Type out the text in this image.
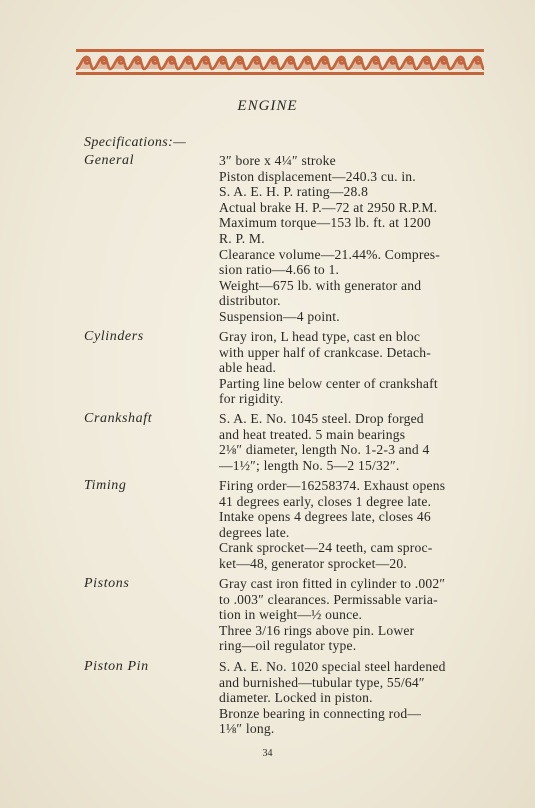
ENGINE
Specifications:—
General	3″ bore x 4¼″ stroke
Piston displacement—240.3 cu. in.
S. A. E. H. P. rating—28.8
Actual brake H. P.—72 at 2950 R.P.M.
Maximum torque—153 lb. ft. at 1200
R. P. M.
Clearance volume—21.44%. Compres-
sion ratio—4.66 to 1.
Weight—675 lb. with generator and
distributor.
Suspension—4 point.
Cylinders	Gray iron, L head type, cast en bloc
with upper half of crankcase. Detach-
able head.
Parting line below center of crankshaft
for rigidity.
Crankshaft	S. A. E. No. 1045 steel. Drop forged
and heat treated. 5 main bearings
2⅛″ diameter, length No. 1-2-3 and 4
—1½″; length No. 5—2 15/32″.
Timing	Firing order—16258374. Exhaust opens
41 degrees early, closes 1 degree late.
Intake opens 4 degrees late, closes 46
degrees late.
Crank sprocket—24 teeth, cam sproc-
ket—48, generator sprocket—20.
Pistons	Gray cast iron fitted in cylinder to .002″
to .003″ clearances. Permissable varia-
tion in weight—½ ounce.
Three 3/16 rings above pin. Lower
ring—oil regulator type.
Piston Pin	S. A. E. No. 1020 special steel hardened
and burnished—tubular type, 55/64″
diameter. Locked in piston.
Bronze bearing in connecting rod—
1⅛″ long.
34
